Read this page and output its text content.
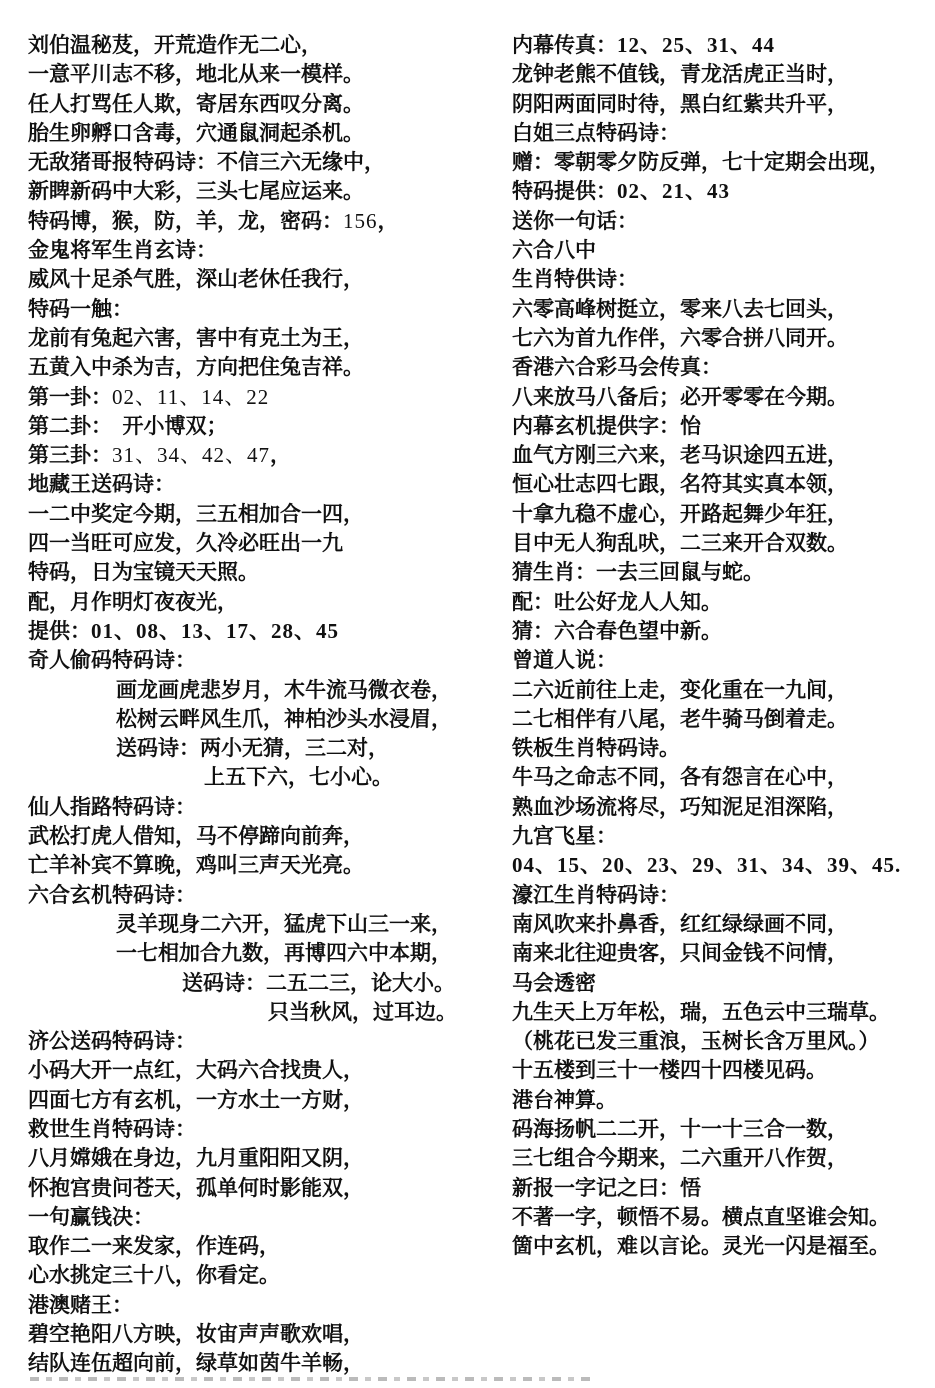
刘伯温秘芨，开荒造作无二心，
一意平川志不移，地北从来一模样。
任人打骂任人欺，寄居东西叹分离。
胎生卵孵口含毒，穴通鼠洞起杀机。
无敌猪哥报特码诗：不信三六无缘中，
新睥新码中大彩，三头七尾应运来。
特码博，猴，防，羊，龙，密码：156，
金鬼将军生肖玄诗：
威风十足杀气胜，深山老休任我行，
特码一触：
龙前有兔起六害，害中有克土为王，
五黄入中杀为吉，方向把住兔吉祥。
第一卦：02、11、14、22
第二卦：　开小博双；
第三卦：31、34、42、47，
地藏王送码诗：
一二中奖定今期，三五相加合一四，
四一当旺可应发，久冷必旺出一九
特码，日为宝镜天天照。
配，月作明灯夜夜光，
提供：01、08、13、17、28、45
奇人偷码特码诗：
画龙画虎悲岁月，木牛流马微衣卷，
松树云畔风生爪，神柏沙头水浸眉，
送码诗：两小无猜，三二对，
上五下六，七小心。
仙人指路特码诗：
武松打虎人借知，马不停蹄向前奔，
亡羊补宾不算晚，鸡叫三声天光亮。
六合玄机特码诗：
灵羊现身二六开，猛虎下山三一来，
一七相加合九数，再博四六中本期，
送码诗：二五二三，论大小。
只当秋风，过耳边。
济公送码特码诗：
小码大开一点红，大码六合找贵人，
四面七方有玄机，一方水土一方财，
救世生肖特码诗：
八月嫦娥在身边，九月重阳阳又阴，
怀抱宫贵问苍天，孤单何时影能双，
一句赢钱决：
取作二一来发家，作连码，
心水挑定三十八，你看定。
港澳赌王：
碧空艳阳八方映，妆宙声声歌欢唱，
结队连伍超向前，绿草如茵牛羊畅，
内幕传真：12、25、31、44
龙钟老熊不值钱，青龙活虎正当时，
阴阳两面同时待，黑白红紫共升平，
白姐三点特码诗：
赠：零朝零夕防反弹，七十定期会出现，
特码提供：02、21、43
送你一句话：
六合八中
生肖特供诗：
六零高峰树挺立，零来八去七回头，
七六为首九作伴，六零合拼八同开。
香港六合彩马会传真：
八来放马八备后；必开零零在今期。
内幕玄机提供字：怡
血气方刚三六来，老马识途四五进，
恒心壮志四七跟，名符其实真本领，
十拿九稳不虚心，开路起舞少年狂，
目中无人狗乱吠，二三来开合双数。
猜生肖：一去三回鼠与蛇。
配：吐公好龙人人知。
猜：六合春色望中新。
曾道人说：
二六近前往上走，变化重在一九间，
二七相伴有八尾，老牛骑马倒着走。
铁板生肖特码诗。
牛马之命志不同，各有怨言在心中，
熟血沙场流将尽，巧知泥足泪深陷，
九宫飞星：
04、15、20、23、29、31、34、39、45.
濠江生肖特码诗：
南风吹来扑鼻香，红红绿绿画不同，
南来北往迎贵客，只间金钱不问情，
马会透密
九生天上万年松，瑞，五色云中三瑞草。
（桃花已发三重浪，玉树长含万里风。）
十五楼到三十一楼四十四楼见码。
港台神算。
码海扬帆二二开，十一十三合一数，
三七组合今期来，二六重开八作贺，
新报一字记之曰：悟
不著一字，顿悟不易。横点直坚谁会知。
箇中玄机，难以言论。灵光一闪是福至。
